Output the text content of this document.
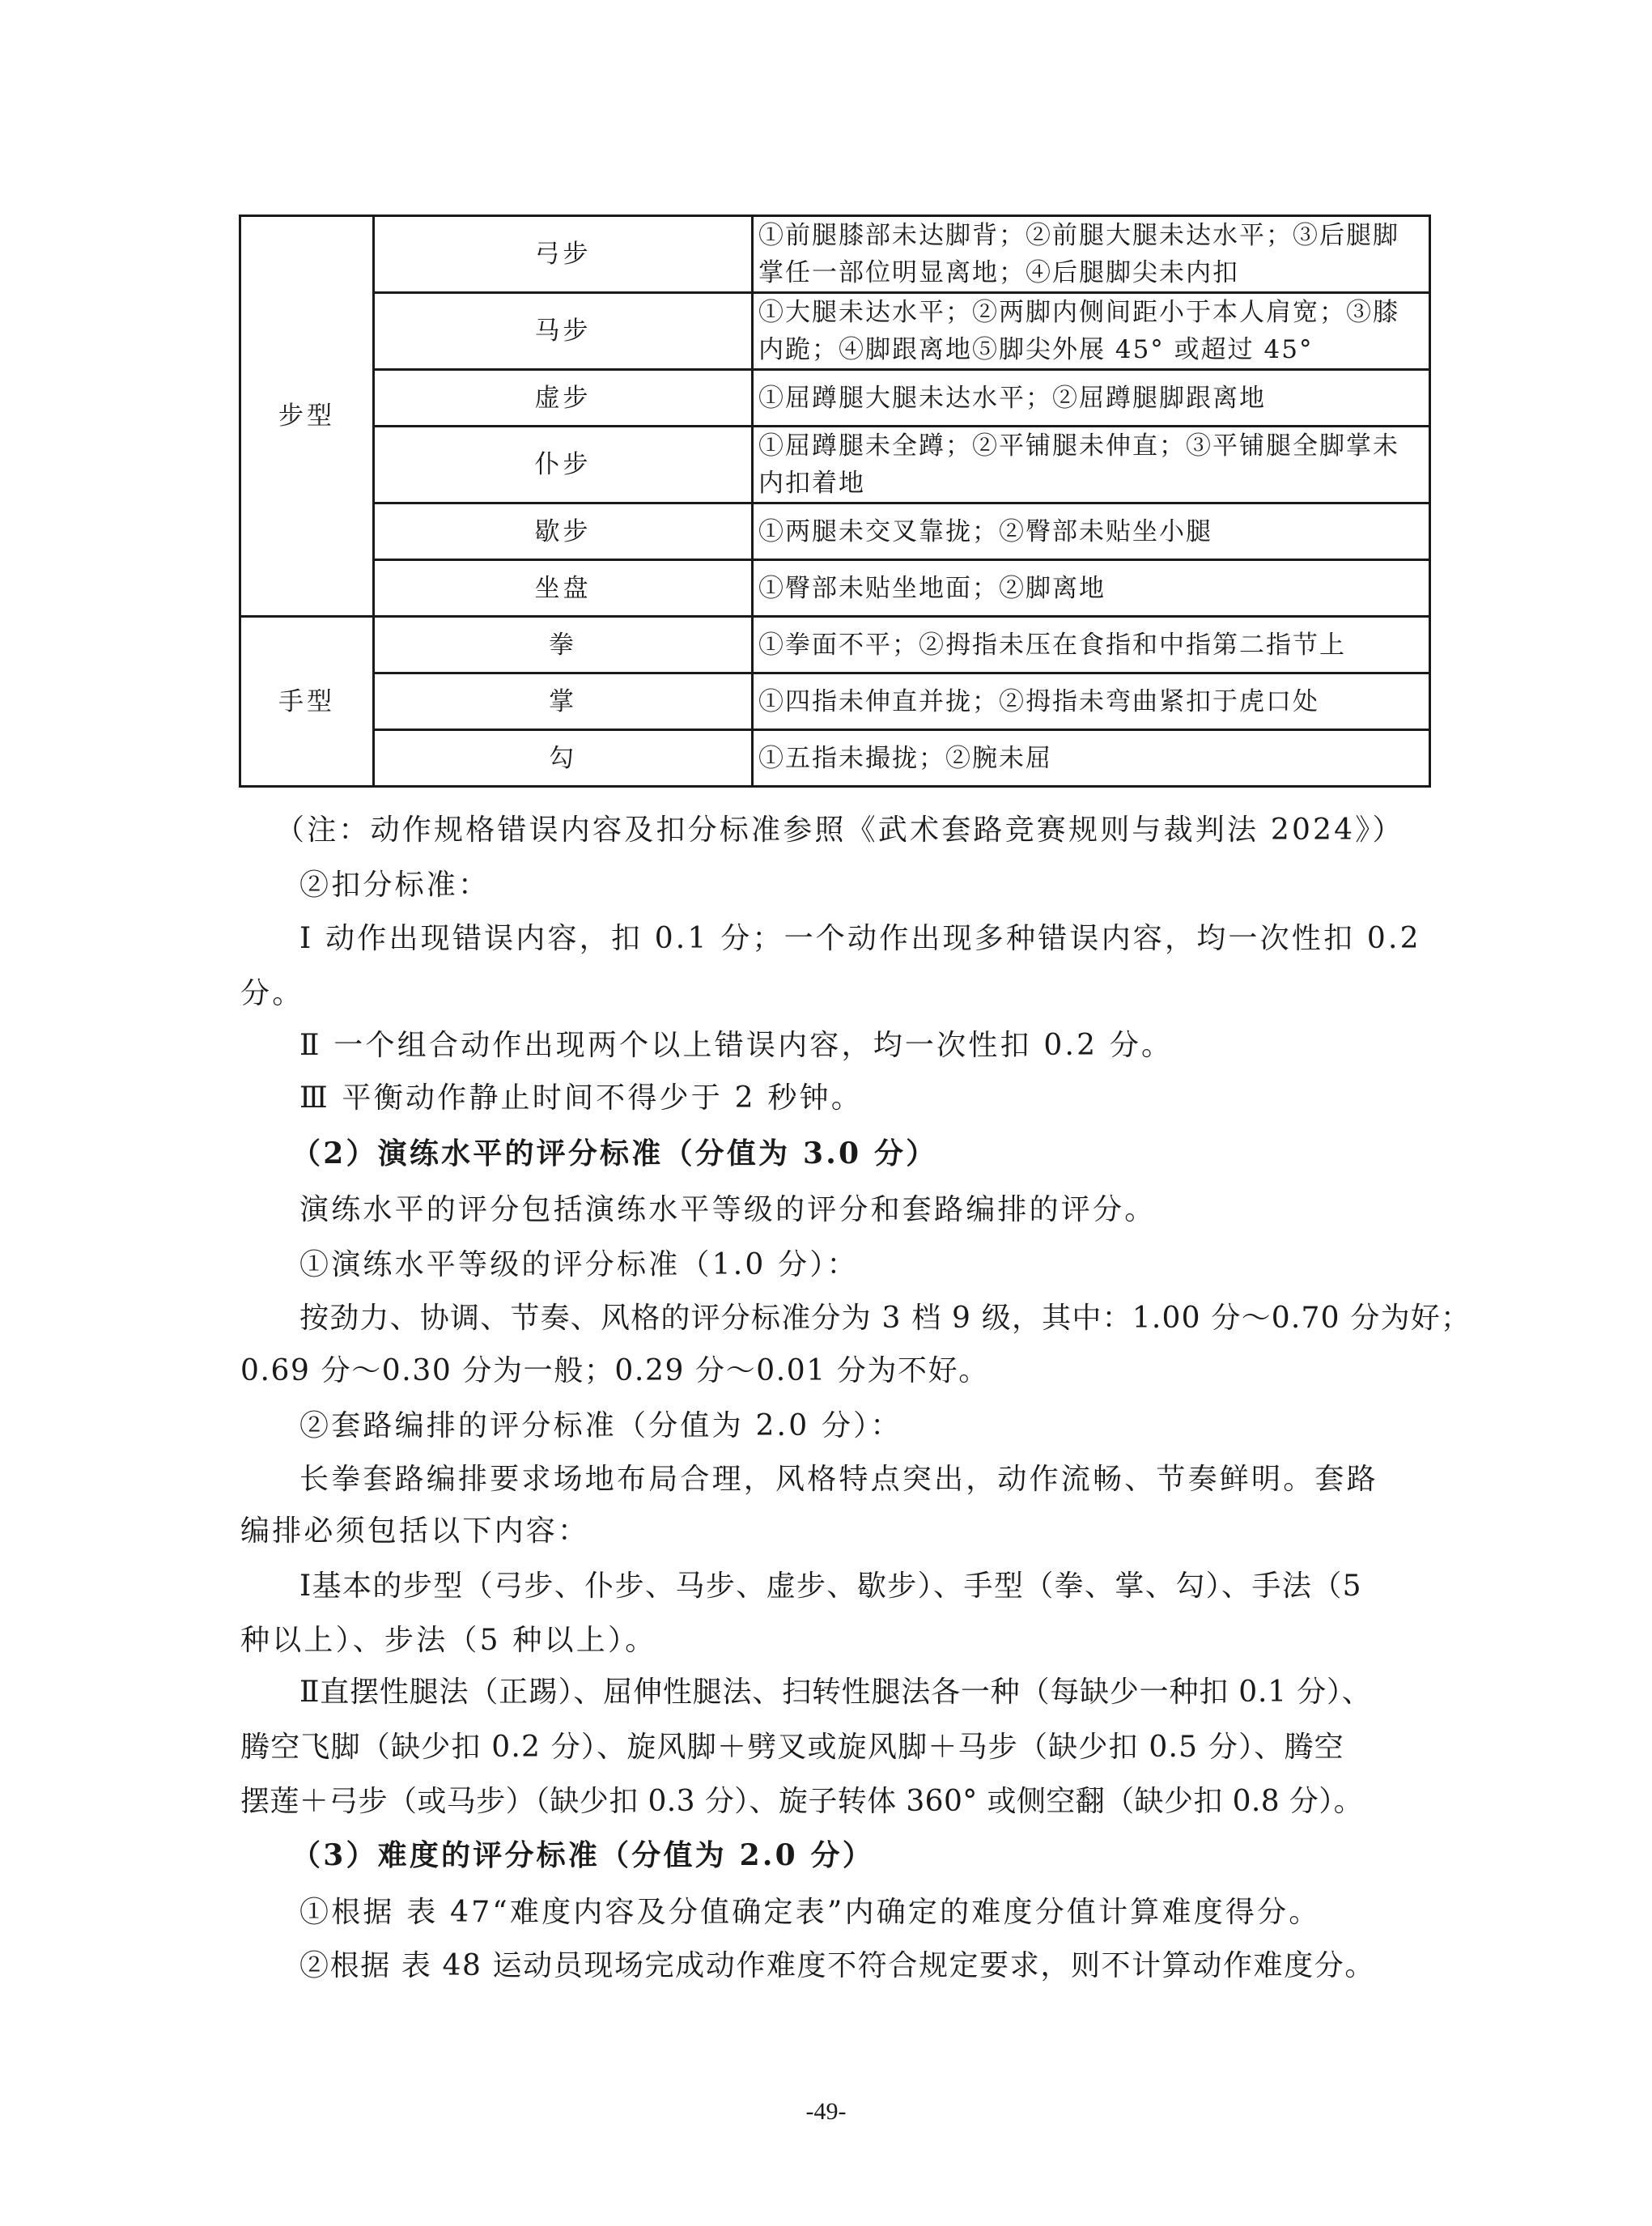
步型	弓步	①前腿膝部未达脚背；②前腿大腿未达水平；③后腿脚掌任一部位明显离地；④后腿脚尖未内扣
	马步	①大腿未达水平；②两脚内侧间距小于本人肩宽；③膝内跪；④脚跟离地⑤脚尖外展 45° 或超过 45°
	虚步	①屈蹲腿大腿未达水平；②屈蹲腿脚跟离地
	仆步	①屈蹲腿未全蹲；②平铺腿未伸直；③平铺腿全脚掌未内扣着地
	歇步	①两腿未交叉靠拢；②臀部未贴坐小腿
	坐盘	①臀部未贴坐地面；②脚离地
手型	拳	①拳面不平；②拇指未压在食指和中指第二指节上
	掌	①四指未伸直并拢；②拇指未弯曲紧扣于虎口处
	勾	①五指未撮拢；②腕未屈
（注：动作规格错误内容及扣分标准参照《武术套路竞赛规则与裁判法 2024》）
②扣分标准：
Ⅰ 动作出现错误内容，扣 0.1 分；一个动作出现多种错误内容，均一次性扣 0.2
分。
Ⅱ 一个组合动作出现两个以上错误内容，均一次性扣 0.2 分。
Ⅲ 平衡动作静止时间不得少于 2 秒钟。
（2）演练水平的评分标准（分值为 3.0 分）
演练水平的评分包括演练水平等级的评分和套路编排的评分。
①演练水平等级的评分标准（1.0 分）：
按劲力、协调、节奏、风格的评分标准分为 3 档 9 级，其中：1.00 分～0.70 分为好；
0.69 分～0.30 分为一般；0.29 分～0.01 分为不好。
②套路编排的评分标准（分值为 2.0 分）：
长拳套路编排要求场地布局合理，风格特点突出，动作流畅、节奏鲜明。套路
编排必须包括以下内容：
Ⅰ基本的步型（弓步、仆步、马步、虚步、歇步）、手型（拳、掌、勾）、手法（5
种以上）、步法（5 种以上）。
Ⅱ直摆性腿法（正踢）、屈伸性腿法、扫转性腿法各一种（每缺少一种扣 0.1 分）、
腾空飞脚（缺少扣 0.2 分）、旋风脚＋劈叉或旋风脚＋马步（缺少扣 0.5 分）、腾空
摆莲＋弓步（或马步）（缺少扣 0.3 分）、旋子转体 360° 或侧空翻（缺少扣 0.8 分）。
（3）难度的评分标准（分值为 2.0 分）
①根据 表 47“难度内容及分值确定表”内确定的难度分值计算难度得分。
②根据 表 48 运动员现场完成动作难度不符合规定要求，则不计算动作难度分。
-49-
